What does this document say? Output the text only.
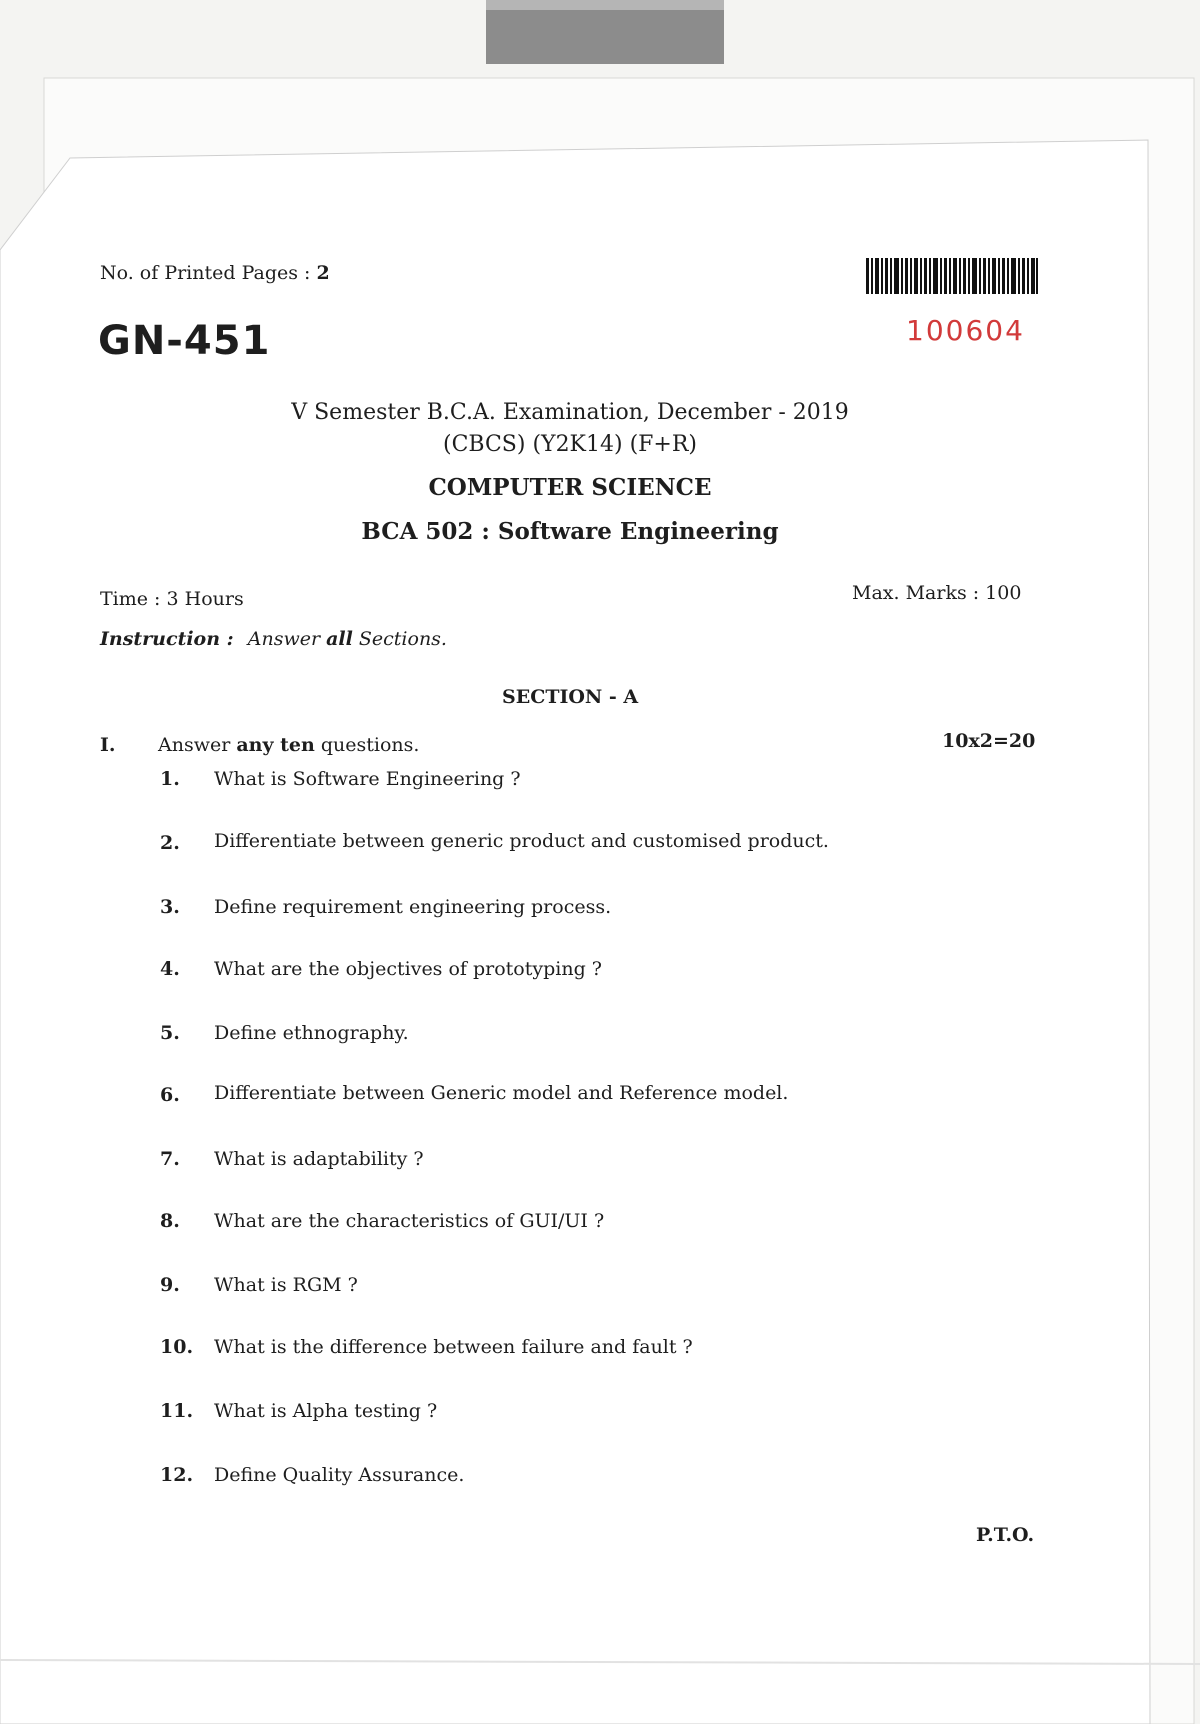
No. of Printed Pages : 2
GN-451	100604
V Semester B.C.A. Examination, December - 2019
(CBCS) (Y2K14) (F+R)
COMPUTER SCIENCE
BCA 502 : Software Engineering
Time : 3 Hours	Max. Marks : 100
Instruction : Answer all Sections.
SECTION - A
I. Answer any ten questions.	10x2=20
1.	What is Software Engineering ?
2.	Differentiate between generic product and customised product.
3.	Define requirement engineering process.
4.	What are the objectives of prototyping ?
5.	Define ethnography.
6.	Differentiate between Generic model and Reference model.
7.	What is adaptability ?
8.	What are the characteristics of GUI/UI ?
9.	What is RGM ?
10.	What is the difference between failure and fault ?
11.	What is Alpha testing ?
12.	Define Quality Assurance.
P.T.O.
